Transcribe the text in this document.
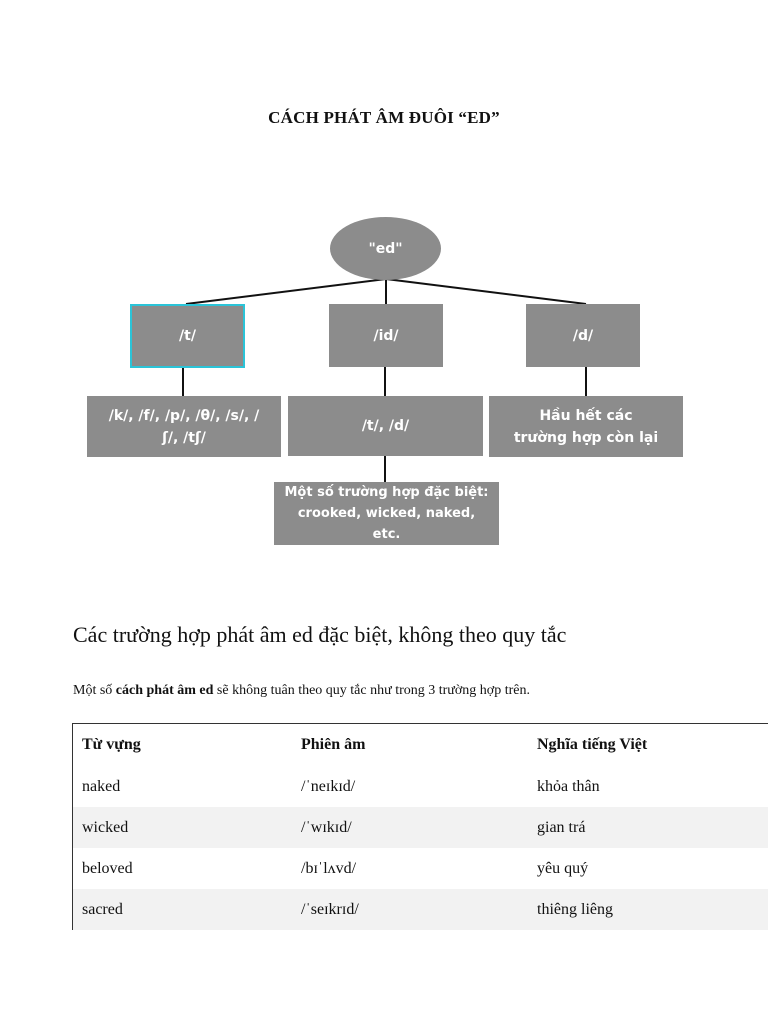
CÁCH PHÁT ÂM ĐUÔI “ED”
"ed"
/t/	/id/	/d/
/k/, /f/, /p/, /θ/, /s/, /ʃ/, /tʃ/
/t/, /d/
Hầu hết các trường hợp còn lại
Một số trường hợp đặc biệt: crooked, wicked, naked, etc.
Các trường hợp phát âm ed đặc biệt, không theo quy tắc
Một số cách phát âm ed sẽ không tuân theo quy tắc như trong 3 trường hợp trên.
Từ vựng	Phiên âm	Nghĩa tiếng Việt
naked	/ˈneɪkɪd/	khỏa thân
wicked	/ˈwɪkɪd/	gian trá
beloved	/bɪˈlʌvd/	yêu quý
sacred	/ˈseɪkrɪd/	thiêng liêng
